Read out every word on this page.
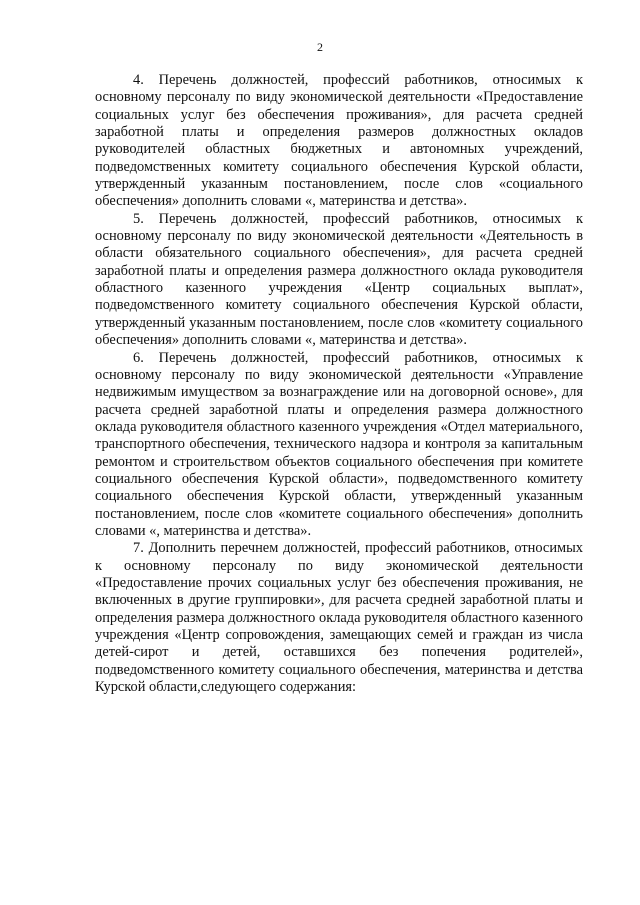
2

4. Перечень должностей, профессий работников, относимых к основному персоналу по виду экономической деятельности «Предоставление социальных услуг без обеспечения проживания», для расчета средней заработной платы и определения размеров должностных окладов руководителей областных бюджетных и автономных учреждений, подведомственных комитету социального обеспечения Курской области, утвержденный указанным постановлением, после слов «социального обеспечения» дополнить словами «, материнства и детства».

5. Перечень должностей, профессий работников, относимых к основному персоналу по виду экономической деятельности «Деятельность в области обязательного социального обеспечения», для расчета средней заработной платы и определения размера должностного оклада руководителя областного казенного учреждения «Центр социальных выплат», подведомственного комитету социального обеспечения Курской области, утвержденный указанным постановлением, после слов «комитету социального обеспечения» дополнить словами «, материнства и детства».

6. Перечень должностей, профессий работников, относимых к основному персоналу по виду экономической деятельности «Управление недвижимым имуществом за вознаграждение или на договорной основе», для расчета средней заработной платы и определения размера должностного оклада руководителя областного казенного учреждения «Отдел материального, транспортного обеспечения, технического надзора и контроля за капитальным ремонтом и строительством объектов социального обеспечения при комитете социального обеспечения Курской области», подведомственного комитету социального обеспечения Курской области, утвержденный указанным постановлением, после слов «комитете социального обеспечения» дополнить словами «, материнства и детства».

7. Дополнить перечнем должностей, профессий работников, относимых к основному персоналу по виду экономической деятельности «Предоставление прочих социальных услуг без обеспечения проживания, не включенных в другие группировки», для расчета средней заработной платы и определения размера должностного оклада руководителя областного казенного учреждения «Центр сопровождения, замещающих семей и граждан из числа детей-сирот и детей, оставшихся без попечения родителей», подведомственного комитету социального обеспечения, материнства и детства Курской области,следующего содержания:
